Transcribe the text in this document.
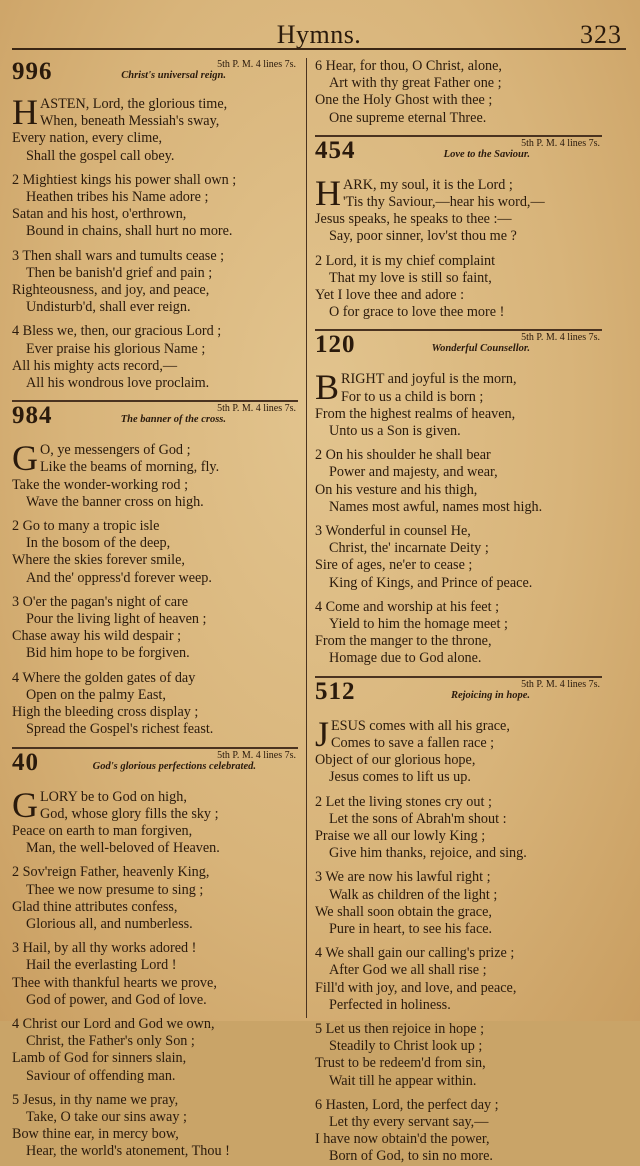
Hymns.	323
996	5th P. M. 4 lines 7s.
Christ's universal reign.
HASTEN, Lord, the glorious time,
When, beneath Messiah's sway,
Every nation, every clime,
Shall the gospel call obey.
2 Mightiest kings his power shall own ;
Heathen tribes his Name adore ;
Satan and his host, o'erthrown,
Bound in chains, shall hurt no more.
3 Then shall wars and tumults cease ;
Then be banish'd grief and pain ;
Righteousness, and joy, and peace,
Undisturb'd, shall ever reign.
4 Bless we, then, our gracious Lord ;
Ever praise his glorious Name ;
All his mighty acts record,—
All his wondrous love proclaim.
984	5th P. M. 4 lines 7s.
The banner of the cross.
G O, ye messengers of God ;
Like the beams of morning, fly.
Take the wonder-working rod ;
Wave the banner cross on high.
2 Go to many a tropic isle
In the bosom of the deep,
Where the skies forever smile,
And the' oppress'd forever weep.
3 O'er the pagan's night of care
Pour the living light of heaven ;
Chase away his wild despair ;
Bid him hope to be forgiven.
4 Where the golden gates of day
Open on the palmy East,
High the bleeding cross display ;
Spread the Gospel's richest feast.
40	5th P. M. 4 lines 7s.
God's glorious perfections celebrated.
GLORY be to God on high,
God, whose glory fills the sky ;
Peace on earth to man forgiven,
Man, the well-beloved of Heaven.
2 Sov'reign Father, heavenly King,
Thee we now presume to sing ;
Glad thine attributes confess,
Glorious all, and numberless.
3 Hail, by all thy works adored !
Hail the everlasting Lord !
Thee with thankful hearts we prove,
God of power, and God of love.
4 Christ our Lord and God we own,
Christ, the Father's only Son ;
Lamb of God for sinners slain,
Saviour of offending man.
5 Jesus, in thy name we pray,
Take, O take our sins away ;
Bow thine ear, in mercy bow,
Hear, the world's atonement, Thou !
6 Hear, for thou, O Christ, alone,
Art with thy great Father one ;
One the Holy Ghost with thee ;
One supreme eternal Three.
454	5th P. M. 4 lines 7s.
Love to the Saviour.
HARK, my soul, it is the Lord ;
'Tis thy Saviour,—hear his word,—
Jesus speaks, he speaks to thee :—
Say, poor sinner, lov'st thou me ?
2 Lord, it is my chief complaint
That my love is still so faint,
Yet I love thee and adore :
O for grace to love thee more !
120	5th P. M. 4 lines 7s.
Wonderful Counsellor.
BRIGHT and joyful is the morn,
For to us a child is born ;
From the highest realms of heaven,
Unto us a Son is given.
2 On his shoulder he shall bear
Power and majesty, and wear,
On his vesture and his thigh,
Names most awful, names most high.
3 Wonderful in counsel He,
Christ, the' incarnate Deity ;
Sire of ages, ne'er to cease ;
King of Kings, and Prince of peace.
4 Come and worship at his feet ;
Yield to him the homage meet ;
From the manger to the throne,
Homage due to God alone.
512	5th P. M. 4 lines 7s.
Rejoicing in hope.
JESUS comes with all his grace,
Comes to save a fallen race ;
Object of our glorious hope,
Jesus comes to lift us up.
2 Let the living stones cry out ;
Let the sons of Abrah'm shout :
Praise we all our lowly King ;
Give him thanks, rejoice, and sing.
3 We are now his lawful right ;
Walk as children of the light ;
We shall soon obtain the grace,
Pure in heart, to see his face.
4 We shall gain our calling's prize ;
After God we all shall rise ;
Fill'd with joy, and love, and peace,
Perfected in holiness.
5 Let us then rejoice in hope ;
Steadily to Christ look up ;
Trust to be redeem'd from sin,
Wait till he appear within.
6 Hasten, Lord, the perfect day ;
Let thy every servant say,—
I have now obtain'd the power,
Born of God, to sin no more.
